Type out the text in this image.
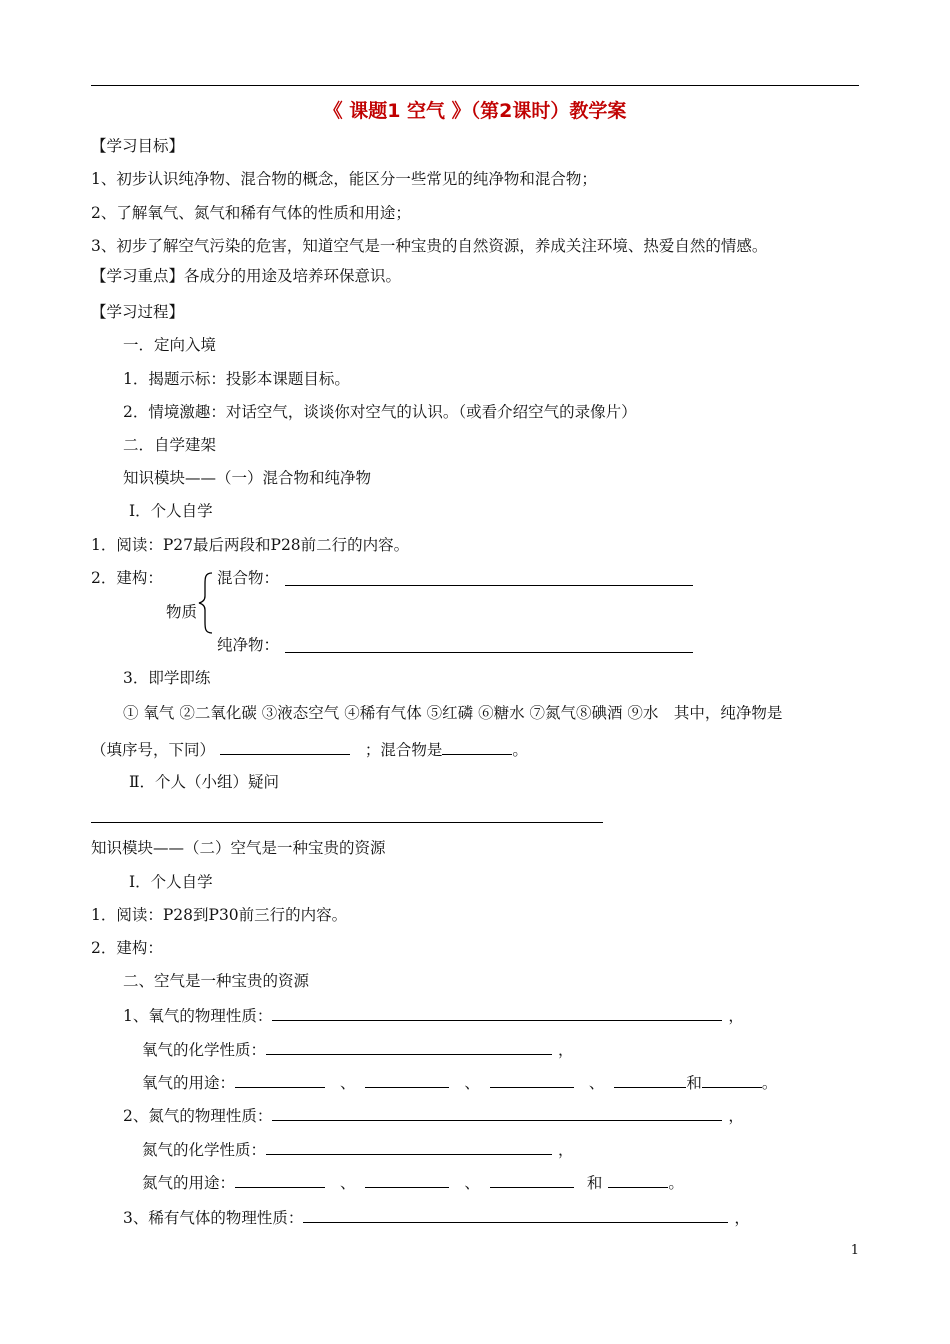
《 课题1 空气 》（第2课时）教学案
【学习目标】
1、初步认识纯净物、混合物的概念，能区分一些常见的纯净物和混合物；
2、了解氧气、氮气和稀有气体的性质和用途；
3、初步了解空气污染的危害，知道空气是一种宝贵的自然资源，养成关注环境、热爱自然的情感。
【学习重点】各成分的用途及培养环保意识。
【学习过程】
一．定向入境
1．揭题示标：投影本课题目标。
2．情境激趣：对话空气，谈谈你对空气的认识。（或看介绍空气的录像片）
二．自学建架
知识模块——（一）混合物和纯净物
Ⅰ．个人自学
1．阅读：P27最后两段和P28前二行的内容。
2．建构：	混合物：
物质
纯净物：
3．即学即练
① 氧气 ②二氧化碳 ③液态空气 ④稀有气体 ⑤红磷 ⑥糖水 ⑦氮气⑧碘酒 ⑨水　其中，纯净物是
（填序号，下同）	；混合物是	。
Ⅱ．个人（小组）疑问
知识模块——（二）空气是一种宝贵的资源
Ⅰ．个人自学
1．阅读：P28到P30前三行的内容。
2．建构：
二、空气是一种宝贵的资源
1、氧气的物理性质：	，
氧气的化学性质：	，
氧气的用途：	、	、	、	和	。
2、氮气的物理性质：	，
氮气的化学性质：	，
氮气的用途：	、	、	和	。
3、稀有气体的物理性质：	，
1
